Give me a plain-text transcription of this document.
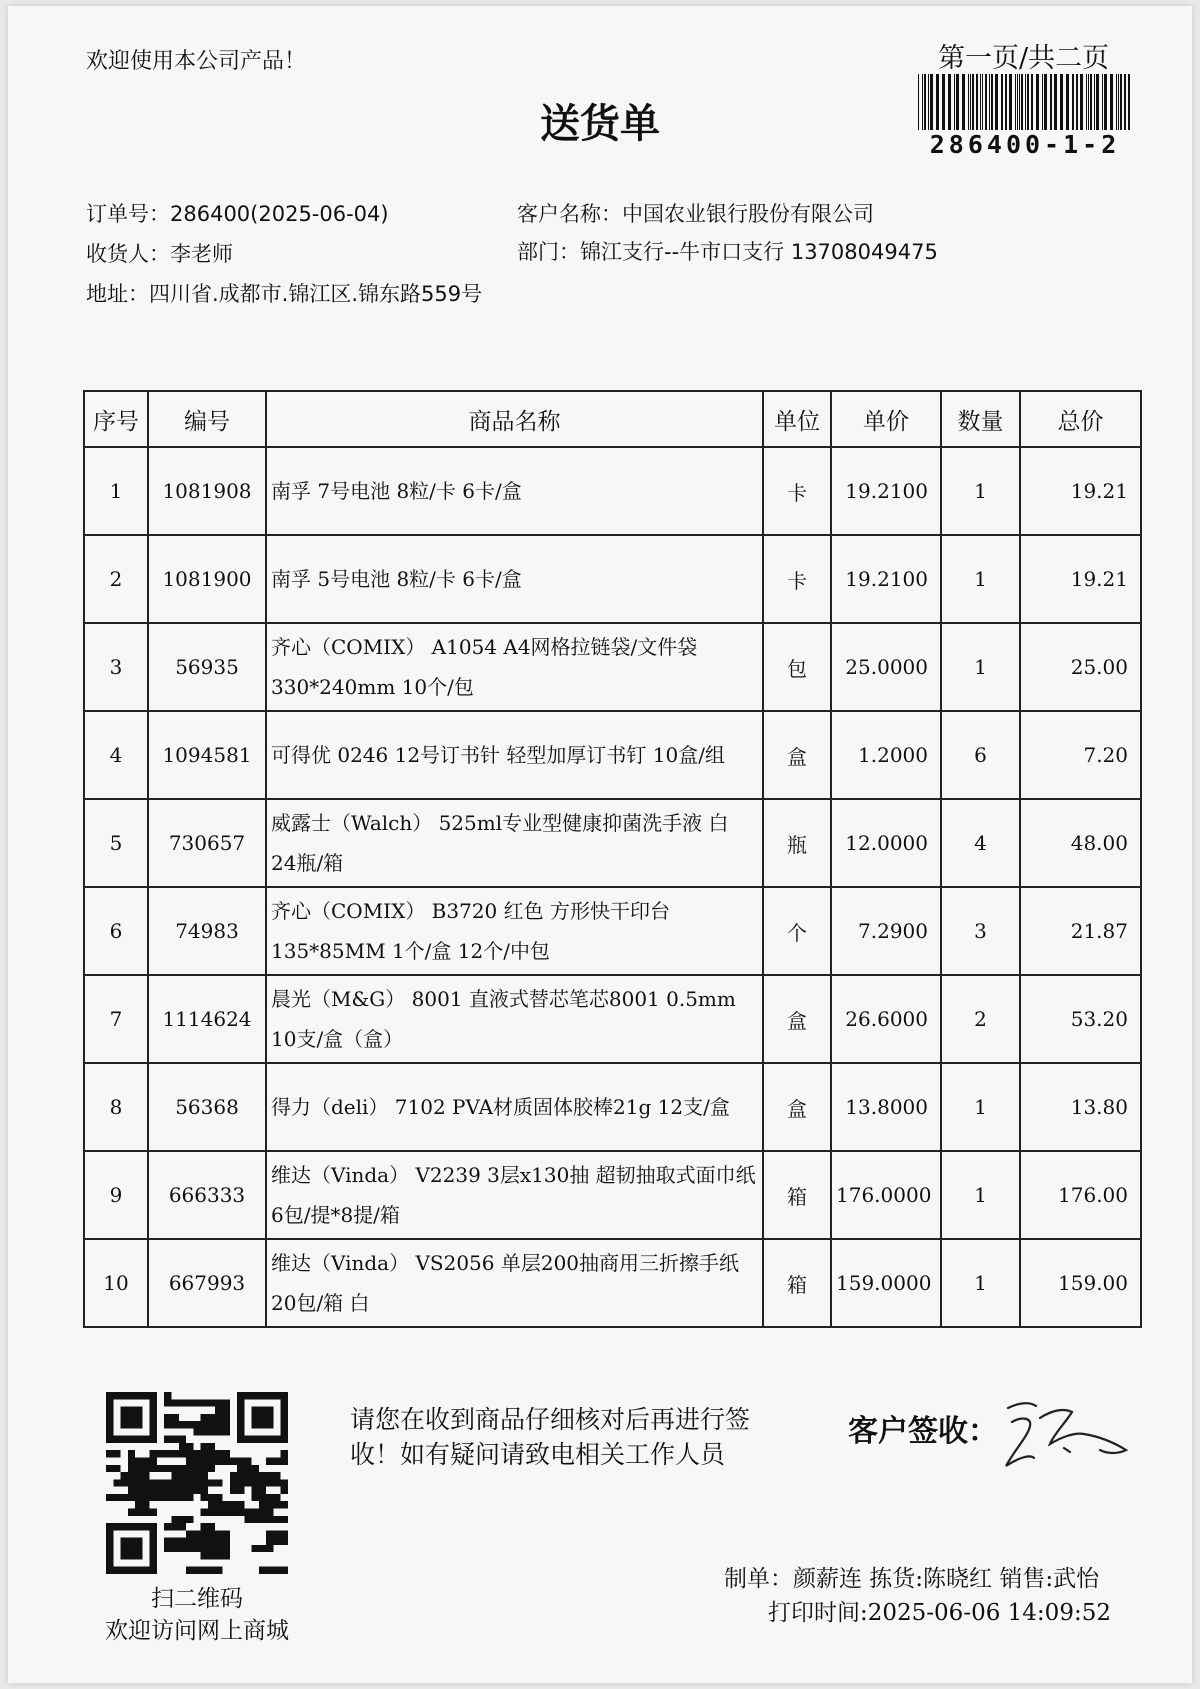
欢迎使用本公司产品！	第一页/共二页
286400-1-2
送货单
订单号：286400(2025-06-04)
收货人：李老师
地址：四川省.成都市.锦江区.锦东路559号
客户名称：中国农业银行股份有限公司
部门：锦江支行--牛市口支行 13708049475
序号	编号	商品名称	单位	单价	数量	总价
1	1081908	南孚 7号电池 8粒/卡 6卡/盒	卡	19.2100	1	19.21
2	1081900	南孚 5号电池 8粒/卡 6卡/盒	卡	19.2100	1	19.21
3	56935	齐心（COMIX） A1054 A4网格拉链袋/文件袋 330*240mm 10个/包	包	25.0000	1	25.00
4	1094581	可得优 0246 12号订书针 轻型加厚订书钉 10盒/组	盒	1.2000	6	7.20
5	730657	威露士（Walch） 525ml专业型健康抑菌洗手液 白 24瓶/箱	瓶	12.0000	4	48.00
6	74983	齐心（COMIX） B3720 红色 方形快干印台 135*85MM 1个/盒 12个/中包	个	7.2900	3	21.87
7	1114624	晨光（M&G） 8001 直液式替芯笔芯8001 0.5mm 10支/盒（盒）	盒	26.6000	2	53.20
8	56368	得力（deli） 7102 PVA材质固体胶棒21g 12支/盒	盒	13.8000	1	13.80
9	666333	维达（Vinda） V2239 3层x130抽 超韧抽取式面巾纸 6包/提*8提/箱	箱	176.0000	1	176.00
10	667993	维达（Vinda） VS2056 单层200抽商用三折擦手纸 20包/箱 白	箱	159.0000	1	159.00
扫二维码
欢迎访问网上商城
请您在收到商品仔细核对后再进行签收！如有疑问请致电相关工作人员
客户签收：
制单：颜薪连 拣货:陈晓红 销售:武怡
打印时间:2025-06-06 14:09:52
